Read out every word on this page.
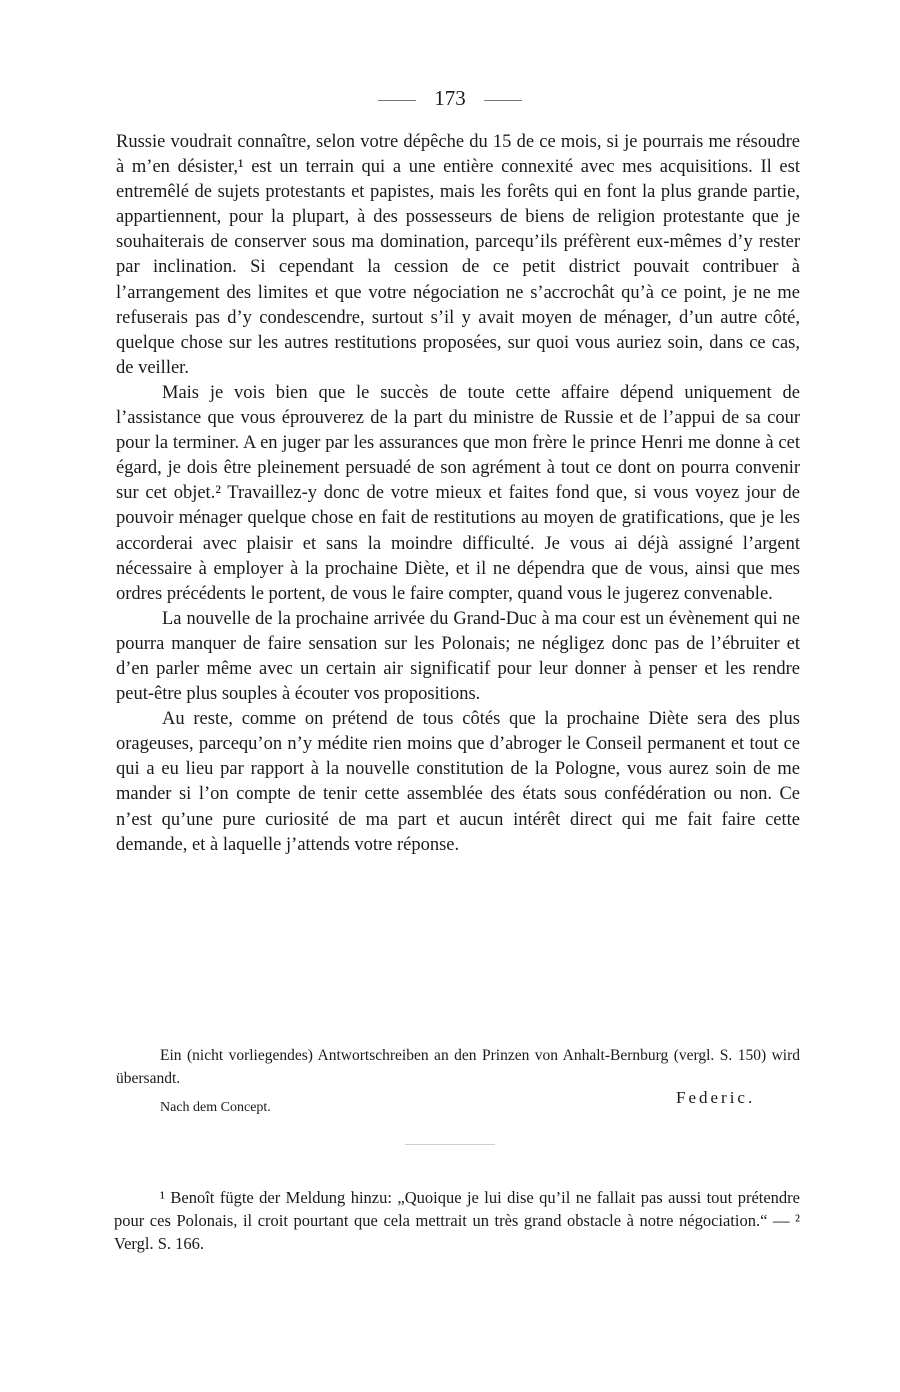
173

Russie voudrait connaître, selon votre dépêche du 15 de ce mois, si je pourrais me résoudre à m’en désister,¹ est un terrain qui a une entière connexité avec mes acquisitions. Il est entremêlé de sujets protestants et papistes, mais les forêts qui en font la plus grande partie, appartiennent, pour la plupart, à des possesseurs de biens de religion protestante que je souhaiterais de conserver sous ma domination, parcequ’ils préfèrent eux-mêmes d’y rester par inclination. Si cependant la cession de ce petit district pouvait contribuer à l’arrangement des limites et que votre négociation ne s’accrochât qu’à ce point, je ne me refuserais pas d’y condescendre, surtout s’il y avait moyen de ménager, d’un autre côté, quelque chose sur les autres restitutions proposées, sur quoi vous auriez soin, dans ce cas, de veiller.

Mais je vois bien que le succès de toute cette affaire dépend uniquement de l’assistance que vous éprouverez de la part du ministre de Russie et de l’appui de sa cour pour la terminer. A en juger par les assurances que mon frère le prince Henri me donne à cet égard, je dois être pleinement persuadé de son agrément à tout ce dont on pourra convenir sur cet objet.² Travaillez-y donc de votre mieux et faites fond que, si vous voyez jour de pouvoir ménager quelque chose en fait de restitutions au moyen de gratifications, que je les accorderai avec plaisir et sans la moindre difficulté. Je vous ai déjà assigné l’argent nécessaire à employer à la prochaine Diète, et il ne dépendra que de vous, ainsi que mes ordres précédents le portent, de vous le faire compter, quand vous le jugerez convenable.

La nouvelle de la prochaine arrivée du Grand-Duc à ma cour est un évènement qui ne pourra manquer de faire sensation sur les Polonais; ne négligez donc pas de l’ébruiter et d’en parler même avec un certain air significatif pour leur donner à penser et les rendre peut-être plus souples à écouter vos propositions.

Au reste, comme on prétend de tous côtés que la prochaine Diète sera des plus orageuses, parcequ’on n’y médite rien moins que d’abroger le Conseil permanent et tout ce qui a eu lieu par rapport à la nouvelle constitution de la Pologne, vous aurez soin de me mander si l’on compte de tenir cette assemblée des états sous confédération ou non. Ce n’est qu’une pure curiosité de ma part et aucun intérêt direct qui me fait faire cette demande, et à laquelle j’attends votre réponse.

Ein (nicht vorliegendes) Antwortschreiben an den Prinzen von Anhalt-Bernburg (vergl. S. 150) wird übersandt.
Nach dem Concept.
Federic.
¹ Benoît fügte der Meldung hinzu: „Quoique je lui dise qu’il ne fallait pas aussi tout prétendre pour ces Polonais, il croit pourtant que cela mettrait un très grand obstacle à notre négociation.“ — ² Vergl. S. 166.
